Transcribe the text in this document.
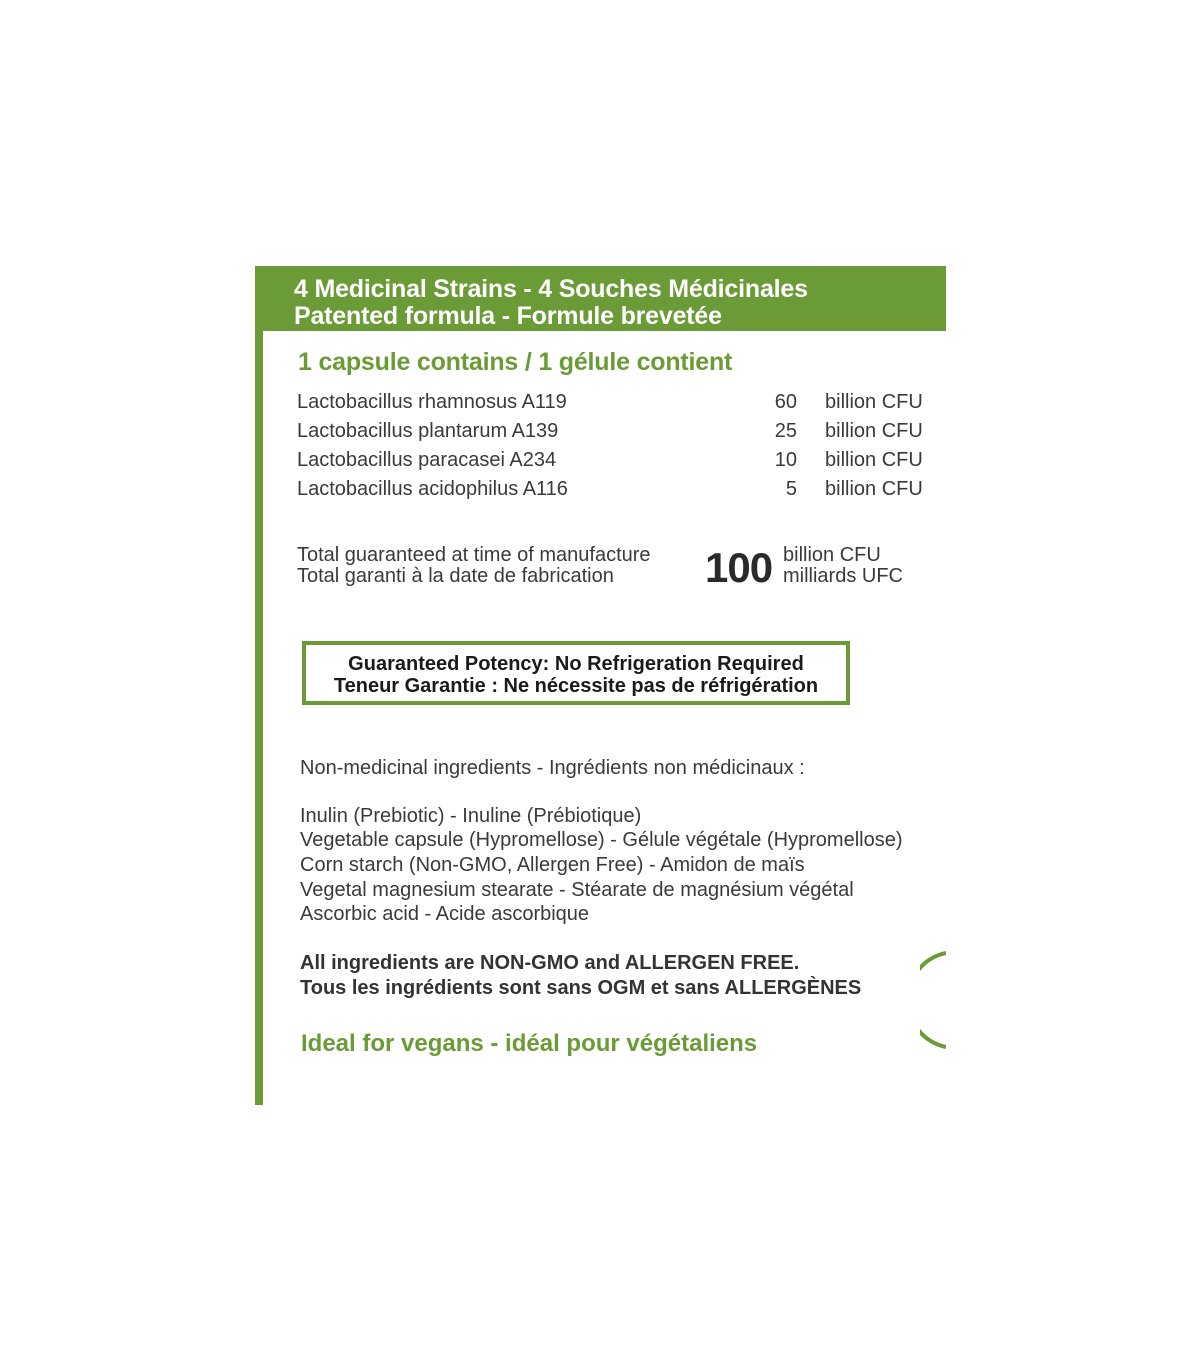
4 Medicinal Strains - 4 Souches Médicinales
Patented formula - Formule brevetée
1 capsule contains / 1 gélule contient
Lactobacillus rhamnosus A119	60 billion CFU
Lactobacillus plantarum A139	25 billion CFU
Lactobacillus paracasei A234	10 billion CFU
Lactobacillus acidophilus A116	5 billion CFU
Total guaranteed at time of manufacture
Total garanti à la date de fabrication 100 billion CFU
milliards UFC
Guaranteed Potency: No Refrigeration Required
Teneur Garantie : Ne nécessite pas de réfrigération
Non-medicinal ingredients - Ingrédients non médicinaux :
Inulin (Prebiotic) - Inuline (Prébiotique)
Vegetable capsule (Hypromellose) - Gélule végétale (Hypromellose)
Corn starch (Non-GMO, Allergen Free) - Amidon de maïs
Vegetal magnesium stearate - Stéarate de magnésium végétal
Ascorbic acid - Acide ascorbique
All ingredients are NON-GMO and ALLERGEN FREE.
Tous les ingrédients sont sans OGM et sans ALLERGÈNES
Ideal for vegans - idéal pour végétaliens
